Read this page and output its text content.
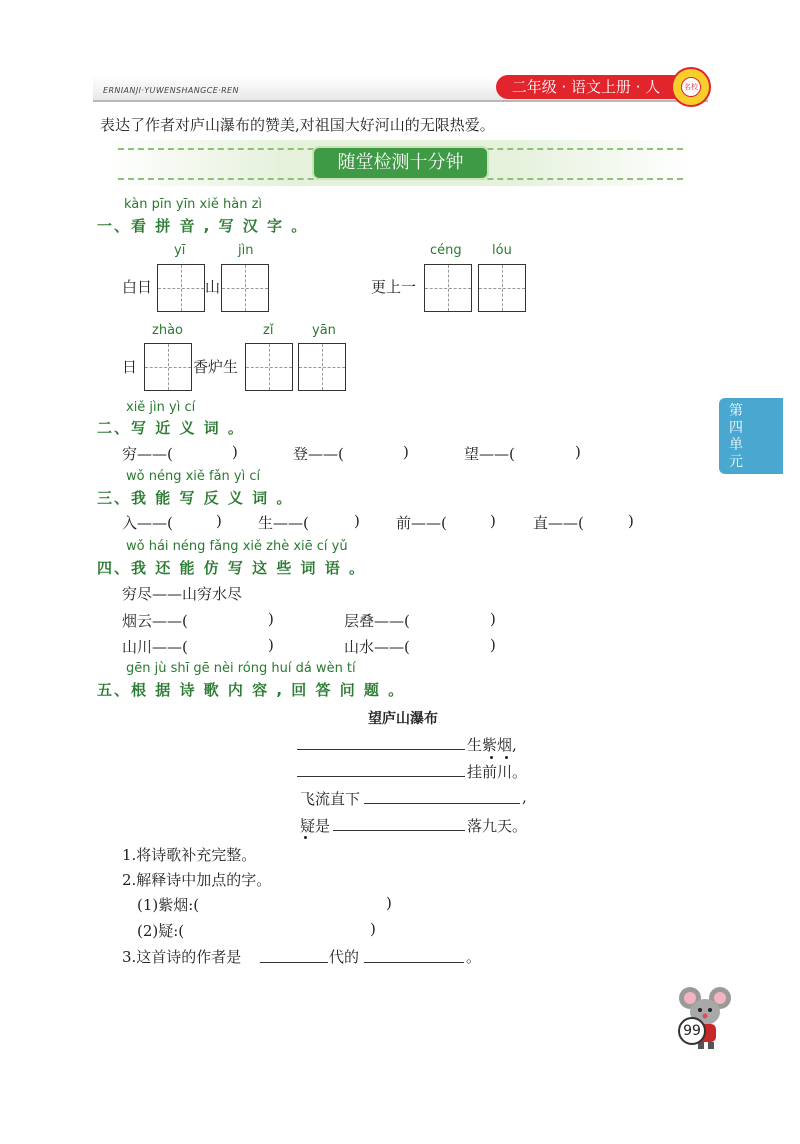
ERNIANJI·YUWENSHANGCE·REN	二年级 · 语文上册 · 人	名校
表达了作者对庐山瀑布的赞美,对祖国大好河山的无限热爱。
随堂检测十分钟
第
四
单
元
kàn pīn yīn xiě hàn zì
一、看 拼 音 , 写 汉 字 。
yī	jìn
白日	山
céng lóu
更上一
zhào	zǐ	yān
日	香炉生
xiě jìn yì cí
二、写 近 义 词 。
穷——(	)	登——(	)	望——(	)
wǒ néng xiě fǎn yì cí
三、我 能 写 反 义 词 。
入——(	) 生——(	) 前——(	) 直——(	)
wǒ hái néng fǎng xiě zhè xiē cí yǔ
四、我 还 能 仿 写 这 些 词 语 。
穷尽——山穷水尽
烟云——(	)	层叠——(	)
山川——(	)	山水——(	)
gēn jù shī gē nèi róng huí dá wèn tí
五、根 据 诗 歌 内 容 , 回 答 问 题 。
望庐山瀑布
生紫烟,
挂前川。
飞流直下	,
疑是	落九天。
1.将诗歌补充完整。
2.解释诗中加点的字。
(1)紫烟:(	)
(2)疑:(	)
3.这首诗的作者是	代的	。
99
